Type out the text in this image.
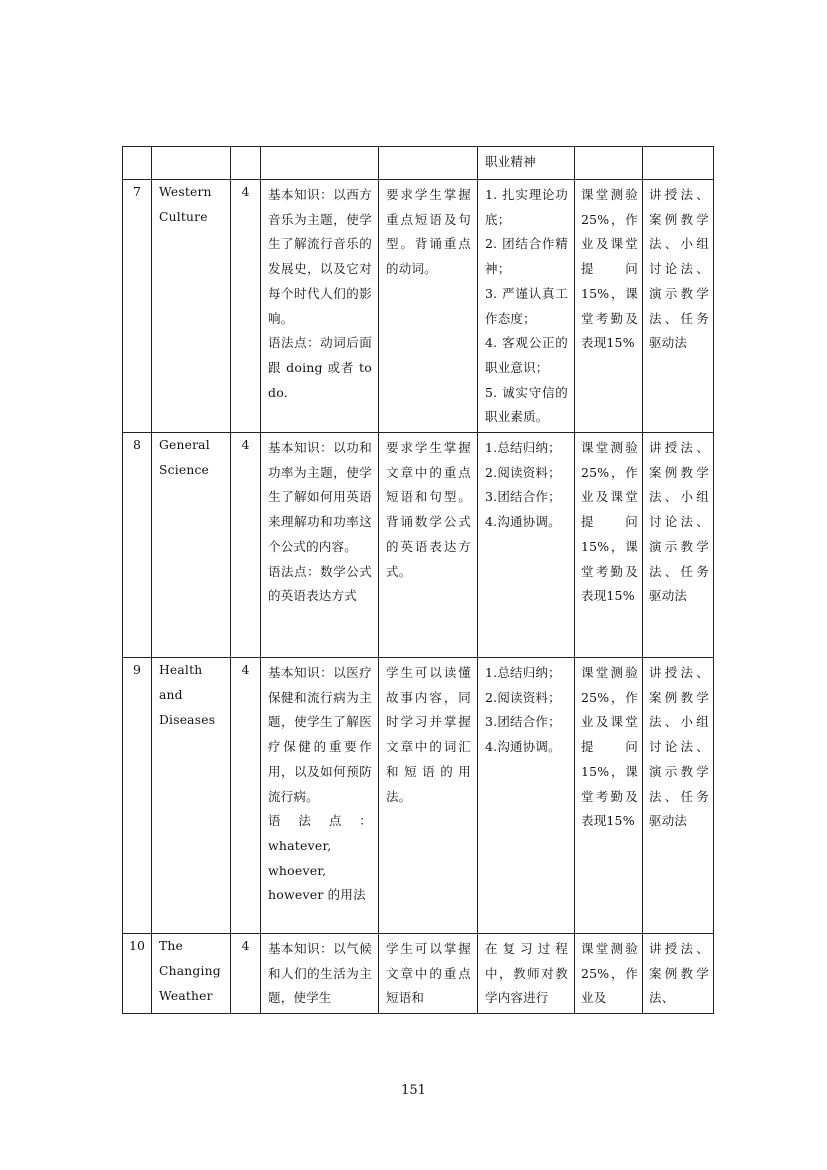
					职业精神		

7	Western
Culture	4	基本知识：以西方音乐为主题，使学生了解流行音乐的发展史，以及它对每个时代人们的影响。
语法点：动词后面跟 doing 或者 to do.	要求学生掌握重点短语及句型。背诵重点的动词。	1. 扎实理论功底；
2. 团结合作精神；
3. 严谨认真工作态度；
4. 客观公正的职业意识；
5. 诚实守信的职业素质。	课堂测验25%，作业及课堂提问15%，课堂考勤及表现15%	讲授法、案例教学法、小组讨论法、演示教学法、任务驱动法

8	General
Science	4	基本知识：以功和功率为主题，使学生了解如何用英语来理解功和功率这个公式的内容。
语法点：数学公式的英语表达方式	要求学生掌握文章中的重点短语和句型。背诵数学公式的英语表达方式。	1.总结归纳；
2.阅读资料；
3.团结合作；
4.沟通协调。	课堂测验25%，作业及课堂提问15%，课堂考勤及表现15%	讲授法、案例教学法、小组讨论法、演示教学法、任务驱动法

9	Health
and
Diseases	4	基本知识：以医疗保健和流行病为主题，使学生了解医疗保健的重要作用，以及如何预防流行病。
语法点：whatever,
whoever,
however 的用法	学生可以读懂故事内容，同时学习并掌握文章中的词汇和短语的用法。	1.总结归纳；
2.阅读资料；
3.团结合作；
4.沟通协调。	课堂测验25%，作业及课堂提问15%，课堂考勤及表现15%	讲授法、案例教学法、小组讨论法、演示教学法、任务驱动法

10	The
Changing
Weather	4	基本知识：以气候和人们的生活为主题，使学生	学生可以掌握文章中的重点短语和	在复习过程中，教师对教学内容进行	课堂测验25%，作业及	讲授法、案例教学法、
151
